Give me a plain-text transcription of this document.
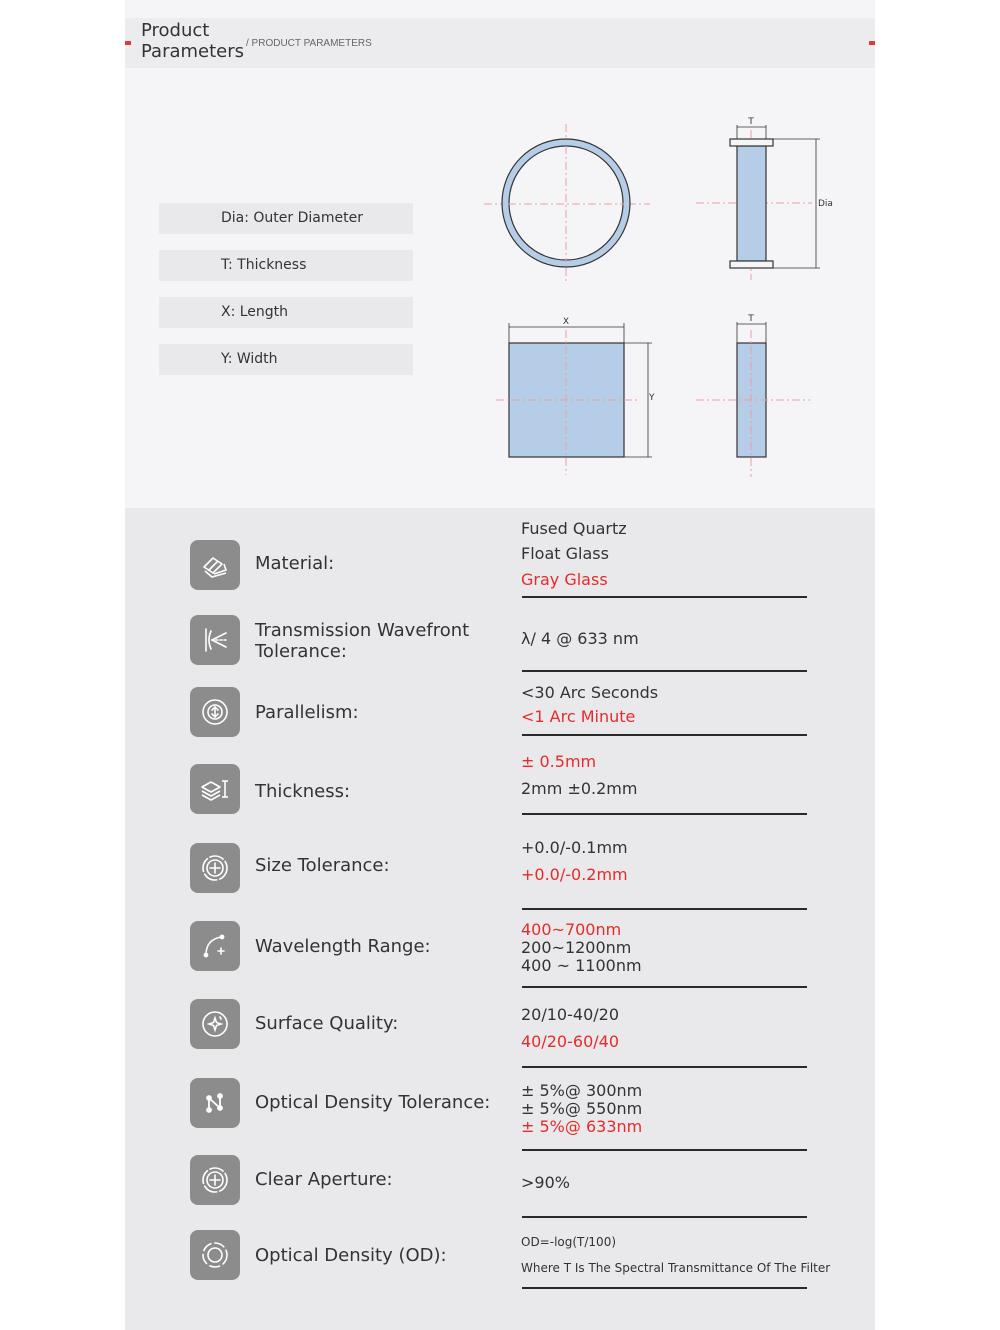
Product
Parameters / PRODUCT PARAMETERS
Dia: Outer Diameter
T: Thickness
X: Length
Y: Width
T
Dia
X
Y
T
Material:
Fused Quartz
Float Glass
Gray Glass
Transmission Wavefront
Tolerance:
λ/ 4 @ 633 nm
Parallelism:
<30 Arc Seconds
<1 Arc Minute
Thickness:
± 0.5mm
2mm ±0.2mm
Size Tolerance:
+0.0/-0.1mm
+0.0/-0.2mm
Wavelength Range:
400~700nm
200~1200nm
400 ~ 1100nm
Surface Quality:	20/10-40/20
40/20-60/40
Optical Density Tolerance:
± 5%@ 300nm
± 5%@ 550nm
± 5%@ 633nm
Clear Aperture:	>90%
Optical Density (OD):
OD=-log(T/100)
Where T Is The Spectral Transmittance Of The Filter
